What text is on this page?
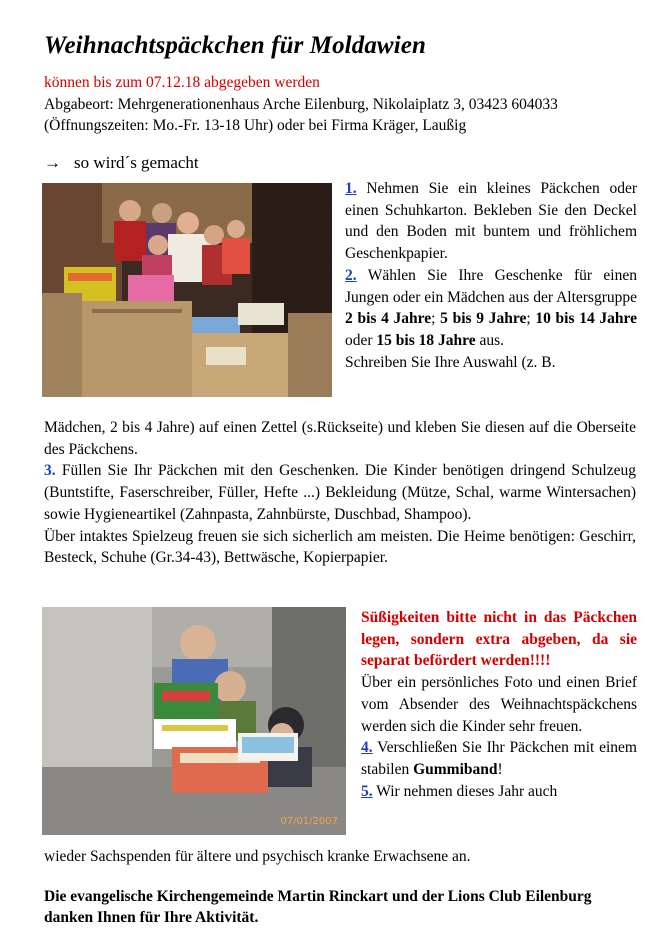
Weihnachtspäckchen für Moldawien
können bis zum 07.12.18 abgegeben werden
Abgabeort: Mehrgenerationenhaus Arche Eilenburg, Nikolaiplatz 3, 03423 604033
(Öffnungszeiten: Mo.-Fr. 13-18 Uhr) oder bei Firma Kräger, Laußig
→ so wird´s gemacht
1. Nehmen Sie ein kleines Päckchen oder einen Schuhkarton. Bekleben Sie den Deckel und den Boden mit buntem und fröhlichem Geschenkpapier.
2. Wählen Sie Ihre Geschenke für einen Jungen oder ein Mädchen aus der Altersgruppe 2 bis 4 Jahre; 5 bis 9 Jahre; 10 bis 14 Jahre oder 15 bis 18 Jahre aus.
Schreiben Sie Ihre Auswahl (z. B.
Mädchen, 2 bis 4 Jahre) auf einen Zettel (s.Rückseite) und kleben Sie diesen auf die Oberseite des Päckchens.
3. Füllen Sie Ihr Päckchen mit den Geschenken. Die Kinder benötigen dringend Schulzeug (Buntstifte, Faserschreiber, Füller, Hefte ...) Bekleidung (Mütze, Schal, warme Wintersachen) sowie Hygieneartikel (Zahnpasta, Zahnbürste, Duschbad, Shampoo).
Über intaktes Spielzeug freuen sie sich sicherlich am meisten. Die Heime benötigen: Geschirr, Besteck, Schuhe (Gr.34-43), Bettwäsche, Kopierpapier.
07/01/2007
Süßigkeiten bitte nicht in das Päckchen legen, sondern extra abgeben, da sie separat befördert werden!!!!
Über ein persönliches Foto und einen Brief vom Absender des Weihnachtspäckchens werden sich die Kinder sehr freuen.
4. Verschließen Sie Ihr Päckchen mit einem stabilen Gummiband!
5. Wir nehmen dieses Jahr auch
wieder Sachspenden für ältere und psychisch kranke Erwachsene an.
Die evangelische Kirchengemeinde Martin Rinckart und der Lions Club Eilenburg danken Ihnen für Ihre Aktivität.
